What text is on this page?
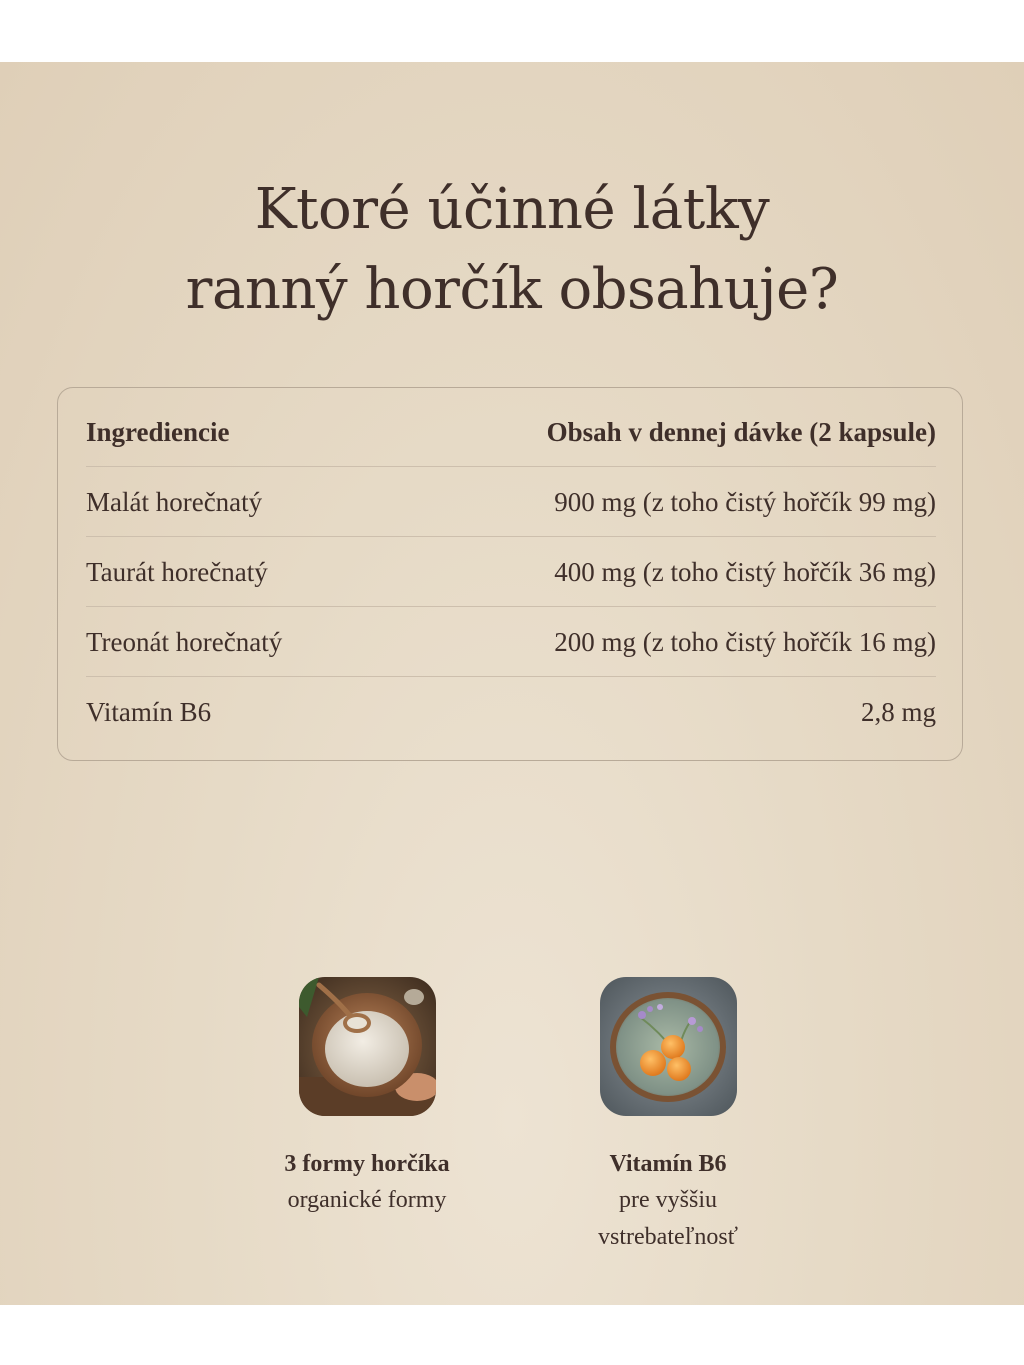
Ktoré účinné látky
ranný horčík obsahuje?
Ingrediencie	Obsah v dennej dávke (2 kapsule)
Malát horečnatý	900 mg (z toho čistý hořčík 99 mg)
Taurát horečnatý	400 mg (z toho čistý hořčík 36 mg)
Treonát horečnatý	200 mg (z toho čistý hořčík 16 mg)
Vitamín B6	2,8 mg
3 formy horčíka
organické formy
Vitamín B6
pre vyššiu vstrebateľnosť
